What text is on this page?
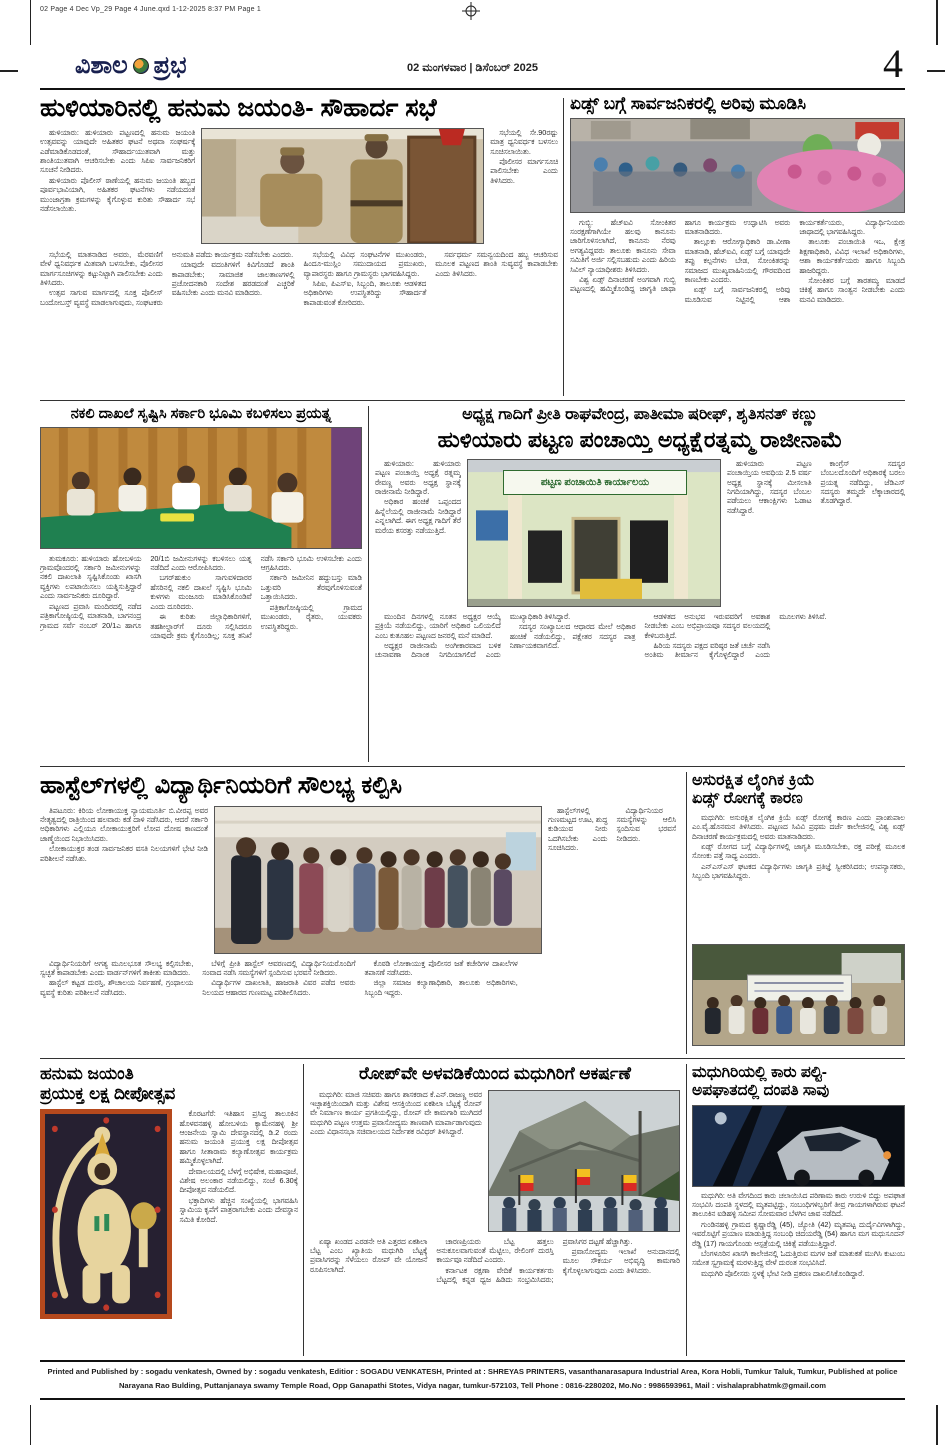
02 Page 4 Dec Vp_29 Page 4 June.qxd 1-12-2025 8:37 PM Page 1
ವಿಶಾಲ ಪ್ರಭ	02 ಮಂಗಳವಾರ | ಡಿಸೆಂಬರ್ 2025	4
ಹುಳಿಯಾರಿನಲ್ಲಿ ಹನುಮ ಜಯಂತಿ- ಸೌಹಾರ್ದ ಸಭೆ

ಹುಳಿಯಾರು: ಹುಳಿಯಾರು ಪಟ್ಟಣದಲ್ಲಿ ಹನುಮ ಜಯಂತಿ ಉತ್ಸವವನ್ನು ಯಾವುದೇ ಅಹಿತಕರ ಘಟನೆ ಅಥವಾ ಸಂಘರ್ಷಕ್ಕೆ ಎಡೆಮಾಡಿಕೊಡದಂತೆ, ಸೌಹಾರ್ದಯುತವಾಗಿ ಮತ್ತು ಶಾಂತಿಯುತವಾಗಿ ಆಚರಿಸಬೇಕು ಎಂದು ಸಿಪಿಐ ಸಾರ್ವಜನಿಕರಿಗೆ ಸೂಚನೆ ನೀಡಿದರು.

ಹುಳಿಯಾರು ಪೊಲೀಸ್ ಠಾಣೆಯಲ್ಲಿ ಹನುಮ ಜಯಂತಿ ಹಬ್ಬದ ಪೂರ್ವಭಾವಿಯಾಗಿ, ಅಹಿತಕರ ಘಟನೆಗಳು ನಡೆಯದಂತೆ ಮುಂಜಾಗ್ರತಾ ಕ್ರಮಗಳನ್ನು ಕೈಗೊಳ್ಳುವ ಕುರಿತು ಸೌಹಾರ್ದ ಸಭೆ ನಡೆಸಲಾಯಿತು.

ಸಭೆಯಲ್ಲಿ ಸೇ.90ರಷ್ಟು ಮಾತ್ರ ಧ್ವನಿವರ್ಧಕ ಬಳಸಲು ಸೂಚಿಸಲಾಯಿತು.

ಪೊಲೀಸರ ಮಾರ್ಗಸೂಚಿ ಪಾಲಿಸಬೇಕು ಎಂದು ತಿಳಿಸಿದರು.

ಸಭೆಯಲ್ಲಿ ಮಾತನಾಡಿದ ಅವರು, ಮೆರವಣಿಗೆ ವೇಳೆ ಧ್ವನಿವರ್ಧಕ ಮಿತವಾಗಿ ಬಳಸಬೇಕು, ಪೊಲೀಸರ ಮಾರ್ಗಸೂಚಿಗಳನ್ನು ಕಟ್ಟುನಿಟ್ಟಾಗಿ ಪಾಲಿಸಬೇಕು ಎಂದು ತಿಳಿಸಿದರು.

ಉತ್ಸವ ಸಾಗುವ ಮಾರ್ಗದಲ್ಲಿ ಸೂಕ್ತ ಪೊಲೀಸ್ ಬಂದೋಬಸ್ತ್ ವ್ಯವಸ್ಥೆ ಮಾಡಲಾಗುವುದು, ಸಂಘಟಕರು ಅನುಮತಿ ಪಡೆದು ಕಾರ್ಯಕ್ರಮ ನಡೆಸಬೇಕು ಎಂದರು.

ಯಾವುದೇ ವದಂತಿಗಳಿಗೆ ಕಿವಿಗೊಡದೆ ಶಾಂತಿ ಕಾಪಾಡಬೇಕು; ಸಾಮಾಜಿಕ ಜಾಲತಾಣಗಳಲ್ಲಿ ಪ್ರಚೋದನಕಾರಿ ಸಂದೇಶ ಹರಡದಂತೆ ಎಚ್ಚರಿಕೆ ವಹಿಸಬೇಕು ಎಂದು ಮನವಿ ಮಾಡಿದರು.

ಸಭೆಯಲ್ಲಿ ವಿವಿಧ ಸಂಘಟನೆಗಳ ಮುಖಂಡರು, ಹಿಂದೂ-ಮುಸ್ಲಿಂ ಸಮುದಾಯದ ಪ್ರಮುಖರು, ವ್ಯಾಪಾರಸ್ಥರು ಹಾಗೂ ಗ್ರಾಮಸ್ಥರು ಭಾಗವಹಿಸಿದ್ದರು.

ಸಿಪಿಐ, ಪಿಎಸ್ಐ, ಸಿಬ್ಬಂದಿ, ತಾಲೂಕು ಆಡಳಿತದ ಅಧಿಕಾರಿಗಳು ಉಪಸ್ಥಿತರಿದ್ದು ಸೌಹಾರ್ದತೆ ಕಾಪಾಡುವಂತೆ ಕೋರಿದರು.

ಸರ್ವಧರ್ಮ ಸಮನ್ವಯದಿಂದ ಹಬ್ಬ ಆಚರಿಸುವ ಮೂಲಕ ಪಟ್ಟಣದ ಶಾಂತಿ ಸುವ್ಯವಸ್ಥೆ ಕಾಪಾಡಬೇಕು ಎಂದು ತಿಳಿಸಿದರು.

ಏಡ್ಸ್ ಬಗ್ಗೆ ಸಾರ್ವಜನಿಕರಲ್ಲಿ ಅರಿವು ಮೂಡಿಸಿ

ಗುಬ್ಬಿ: ಹೆಚ್‌ಐವಿ ಸೋಂಕಿತರ ಸಂರಕ್ಷಣೆಗಾಗಿಯೇ ಹಲವು ಕಾನೂನು ಜಾರಿಗೊಳಿಸಲಾಗಿದೆ, ಕಾನೂನು ನೆರವು ಅಗತ್ಯವಿದ್ದವರು ತಾಲೂಕು ಕಾನೂನು ಸೇವಾ ಸಮಿತಿಗೆ ಅರ್ಜಿ ಸಲ್ಲಿಸಬಹುದು ಎಂದು ಹಿರಿಯ ಸಿವಿಲ್ ನ್ಯಾಯಾಧೀಶರು ತಿಳಿಸಿದರು.

ವಿಶ್ವ ಏಡ್ಸ್ ದಿನಾಚರಣೆ ಅಂಗವಾಗಿ ಗುಬ್ಬಿ ಪಟ್ಟಣದಲ್ಲಿ ಹಮ್ಮಿಕೊಂಡಿದ್ದ ಜಾಗೃತಿ ಜಾಥಾ ಹಾಗೂ ಕಾರ್ಯಕ್ರಮ ಉದ್ಘಾಟಿಸಿ ಅವರು ಮಾತನಾಡಿದರು.

ತಾಲ್ಲೂಕು ಆರೋಗ್ಯಾಧಿಕಾರಿ ಡಾ.ವೀಣಾ ಮಾತನಾಡಿ, ಹೆಚ್‌ಐವಿ, ಏಡ್ಸ್ ಬಗ್ಗೆ ಯಾವುದೇ ತಪ್ಪು ಕಲ್ಪನೆಗಳು ಬೇಡ, ಸೋಂಕಿತರನ್ನು ಸಮಾಜದ ಮುಖ್ಯವಾಹಿನಿಯಲ್ಲಿ ಗೌರವದಿಂದ ಕಾಣಬೇಕು ಎಂದರು.

ಏಡ್ಸ್ ಬಗ್ಗೆ ಸಾರ್ವಜನಿಕರಲ್ಲಿ ಅರಿವು ಮೂಡಿಸುವ ನಿಟ್ಟಿನಲ್ಲಿ ಆಶಾ ಕಾರ್ಯಕರ್ತೆಯರು, ವಿದ್ಯಾರ್ಥಿನಿಯರು ಜಾಥಾದಲ್ಲಿ ಭಾಗವಹಿಸಿದ್ದರು.

ತಾಲೂಕು ಪಂಚಾಯಿತಿ ಇಒ, ಕ್ಷೇತ್ರ ಶಿಕ್ಷಣಾಧಿಕಾರಿ, ವಿವಿಧ ಇಲಾಖೆ ಅಧಿಕಾರಿಗಳು, ಆಶಾ ಕಾರ್ಯಕರ್ತೆಯರು ಹಾಗೂ ಸಿಬ್ಬಂದಿ ಹಾಜರಿದ್ದರು.

ಸೋಂಕಿತರ ಬಗ್ಗೆ ತಾರತಮ್ಯ ಮಾಡದೆ ಚಿಕಿತ್ಸೆ ಹಾಗೂ ಸಾಂತ್ವನ ನೀಡಬೇಕು ಎಂದು ಮನವಿ ಮಾಡಿದರು.

ನಕಲಿ ದಾಖಲೆ ಸೃಷ್ಟಿಸಿ ಸರ್ಕಾರಿ ಭೂಮಿ ಕಬಳಿಸಲು ಪ್ರಯತ್ನ

ತುಮಕೂರು: ಹುಳಿಯಾರು ಹೋಬಳಿಯ ಗ್ರಾಮವೊಂದರಲ್ಲಿ ಸರ್ಕಾರಿ ಜಮೀನುಗಳನ್ನು ನಕಲಿ ದಾಖಲಾತಿ ಸೃಷ್ಟಿಸಿಕೊಂಡು ಖಾಸಗಿ ವ್ಯಕ್ತಿಗಳು ಲಪಟಾಯಿಸಲು ಯತ್ನಿಸುತ್ತಿದ್ದಾರೆ ಎಂದು ಸಾರ್ವಜನಿಕರು ದೂರಿದ್ದಾರೆ.

ಪಟ್ಟಣದ ಪ್ರವಾಸಿ ಮಂದಿರದಲ್ಲಿ ನಡೆದ ಪತ್ರಿಕಾಗೋಷ್ಠಿಯಲ್ಲಿ ಮಾತನಾಡಿ, ಬಾಗನಂದ್ರ ಗ್ರಾಮದ ಸರ್ವೆ ನಂಬರ್ 20/1ಎ ಹಾಗೂ 20/1ಬಿ ಜಮೀನುಗಳನ್ನು ಕಬಳಿಸಲು ಯತ್ನ ನಡೆದಿದೆ ಎಂದು ಆರೋಪಿಸಿದರು.

ಬಗರ್‌ಹುಕುಂ ಸಾಗುವಳಿದಾರರ ಹೆಸರಿನಲ್ಲಿ ನಕಲಿ ದಾಖಲೆ ಸೃಷ್ಟಿಸಿ ಭೂಮಿ ಕುಳಗಳು ಮಂಜೂರು ಮಾಡಿಸಿಕೊಂಡಿವೆ ಎಂದು ದೂರಿದರು.

ಈ ಕುರಿತು ಜಿಲ್ಲಾಧಿಕಾರಿಗಳಿಗೆ, ತಹಶೀಲ್ದಾರ್‌ಗೆ ದೂರು ಸಲ್ಲಿಸಿದರೂ ಯಾವುದೇ ಕ್ರಮ ಕೈಗೊಂಡಿಲ್ಲ; ಸೂಕ್ತ ತನಿಖೆ ನಡೆಸಿ ಸರ್ಕಾರಿ ಭೂಮಿ ಉಳಿಸಬೇಕು ಎಂದು ಆಗ್ರಹಿಸಿದರು.

ಸರ್ಕಾರಿ ಜಮೀನಿನ ಹದ್ದುಬಸ್ತು ಮಾಡಿ ಒತ್ತುವರಿ ತೆರವುಗೊಳಿಸುವಂತೆ ಒತ್ತಾಯಿಸಿದರು.

ಪತ್ರಿಕಾಗೋಷ್ಠಿಯಲ್ಲಿ ಗ್ರಾಮದ ಮುಖಂಡರು, ರೈತರು, ಯುವಕರು ಉಪಸ್ಥಿತರಿದ್ದರು.

ಅಧ್ಯಕ್ಷ ಗಾದಿಗೆ ಪ್ರೀತಿ ರಾಘವೇಂದ್ರ, ಪಾತೀಮಾ ಷರೀಫ್, ಶೃತಿಸನತ್ ಕಣ್ಣು
ಹುಳಿಯಾರು ಪಟ್ಟಣ ಪಂಚಾಯ್ತಿ ಅಧ್ಯಕ್ಷೆರತ್ನಮ್ಮ ರಾಜೀನಾಮೆ

ಹುಳಿಯಾರು: ಹುಳಿಯಾರು ಪಟ್ಟಣ ಪಂಚಾಯ್ತಿ ಅಧ್ಯಕ್ಷೆ ರತ್ನಮ್ಮ ರೇವಣ್ಣ ಅವರು ಅಧ್ಯಕ್ಷ ಸ್ಥಾನಕ್ಕೆ ರಾಜೀನಾಮೆ ನೀಡಿದ್ದಾರೆ.

ಅಧಿಕಾರ ಹಂಚಿಕೆ ಒಪ್ಪಂದದ ಹಿನ್ನೆಲೆಯಲ್ಲಿ ರಾಜೀನಾಮೆ ನೀಡಿದ್ದಾರೆ ಎನ್ನಲಾಗಿದೆ. ಈಗ ಅಧ್ಯಕ್ಷ ಗಾದಿಗೆ ತೆರೆ ಮರೆಯ ಕಸರತ್ತು ನಡೆಯುತ್ತಿದೆ.

ಪಟ್ಟಣ ಪಂಚಾಯಿತಿ ಕಾರ್ಯಾಲಯ

ಹುಳಿಯಾರು ಪಟ್ಟಣ ಪಂಚಾಯ್ತಿಯ ಅವಧಿಯ 2.5 ವರ್ಷ ಅಧ್ಯಕ್ಷ ಸ್ಥಾನಕ್ಕೆ ಮೀಸಲಾತಿ ನಿಗದಿಯಾಗಿದ್ದು, ಸದಸ್ಯರ ಬೆಂಬಲ ಪಡೆಯಲು ಆಕಾಂಕ್ಷಿಗಳು ಓಡಾಟ ನಡೆಸಿದ್ದಾರೆ.

ಕಾಂಗ್ರೆಸ್ ಸದಸ್ಯರ ಬೆಂಬಲದೊಂದಿಗೆ ಅಧಿಕಾರಕ್ಕೆ ಬರಲು ಪ್ರಯತ್ನ ನಡೆದಿದ್ದು, ಜೆಡಿಎಸ್ ಸದಸ್ಯರು ತಮ್ಮದೇ ಲೆಕ್ಕಾಚಾರದಲ್ಲಿ ತೊಡಗಿದ್ದಾರೆ.

ಮುಂದಿನ ದಿನಗಳಲ್ಲಿ ನೂತನ ಅಧ್ಯಕ್ಷರ ಆಯ್ಕೆ ಪ್ರಕ್ರಿಯೆ ನಡೆಯಲಿದ್ದು, ಯಾರಿಗೆ ಅಧಿಕಾರ ಒಲಿಯಲಿದೆ ಎಂಬ ಕುತೂಹಲ ಪಟ್ಟಣದ ಜನರಲ್ಲಿ ಮನೆ ಮಾಡಿದೆ.

ಅಧ್ಯಕ್ಷರ ರಾಜೀನಾಮೆ ಅಂಗೀಕಾರವಾದ ಬಳಿಕ ಚುನಾವಣಾ ದಿನಾಂಕ ನಿಗದಿಯಾಗಲಿದೆ ಎಂದು ಮುಖ್ಯಾಧಿಕಾರಿ ತಿಳಿಸಿದ್ದಾರೆ.

ಸದಸ್ಯರ ಸಂಖ್ಯಾಬಲದ ಆಧಾರದ ಮೇಲೆ ಅಧಿಕಾರ ಹಂಚಿಕೆ ನಡೆಯಲಿದ್ದು, ಪಕ್ಷೇತರ ಸದಸ್ಯರ ಪಾತ್ರ ನಿರ್ಣಾಯಕವಾಗಲಿದೆ.

ಆಡಳಿತದ ಅನುಭವ ಇರುವವರಿಗೆ ಅವಕಾಶ ನೀಡಬೇಕು ಎಂಬ ಅಭಿಪ್ರಾಯವೂ ಸದಸ್ಯರ ವಲಯದಲ್ಲಿ ಕೇಳಿಬರುತ್ತಿದೆ.

ಹಿರಿಯ ಸದಸ್ಯರು ಪಕ್ಷದ ವರಿಷ್ಠರ ಜತೆ ಚರ್ಚೆ ನಡೆಸಿ ಅಂತಿಮ ತೀರ್ಮಾನ ಕೈಗೊಳ್ಳಲಿದ್ದಾರೆ ಎಂದು ಮೂಲಗಳು ತಿಳಿಸಿವೆ.

ಹಾಸ್ಟೆಲ್‌ಗಳಲ್ಲಿ ವಿದ್ಯಾರ್ಥಿನಿಯರಿಗೆ ಸೌಲಭ್ಯ ಕಲ್ಪಿಸಿ

ತಿಪಟೂರು: ಕಿರಿಯ ಲೋಕಾಯುಕ್ತ ನ್ಯಾಯಮೂರ್ತಿ ಬಿ.ವೀರಪ್ಪ ಅವರ ನೇತೃತ್ವದಲ್ಲಿ ರಾತ್ರಿಯಿಂದ ಹಲವಾರು ಕಡೆ ದಾಳಿ ನಡೆಸಿದರು, ಆದರೆ ಸರ್ಕಾರಿ ಅಧಿಕಾರಿಗಳು ಎಲ್ಲಿಯೂ ಲೋಕಾಯುಕ್ತರಿಗೆ ಲೋಪ ದೋಷ ಕಾಣದಂತೆ ಜಾಣ್ಮೆಯಿಂದ ನಿಭಾಯಿಸಿದರು.

ಲೋಕಾಯುಕ್ತರ ತಂಡ ಸಾರ್ವಜನಿಕರ ವಸತಿ ನಿಲಯಗಳಿಗೆ ಭೇಟಿ ನೀಡಿ ಪರಿಶೀಲನೆ ನಡೆಸಿತು.

ಹಾಸ್ಟೆಲ್‌ಗಳಲ್ಲಿ ಗುಣಮಟ್ಟದ ಊಟ, ಶುದ್ಧ ಕುಡಿಯುವ ನೀರು ಒದಗಿಸಬೇಕು ಎಂದು ಸೂಚಿಸಿದರು.

ವಿದ್ಯಾರ್ಥಿನಿಯರ ಸಮಸ್ಯೆಗಳನ್ನು ಆಲಿಸಿ ಸ್ಪಂದಿಸುವ ಭರವಸೆ ನೀಡಿದರು.

ವಿದ್ಯಾರ್ಥಿನಿಯರಿಗೆ ಅಗತ್ಯ ಮೂಲಭೂತ ಸೌಲಭ್ಯ ಕಲ್ಪಿಸಬೇಕು, ಸ್ವಚ್ಛತೆ ಕಾಪಾಡಬೇಕು ಎಂದು ವಾರ್ಡನ್‌ಗಳಿಗೆ ತಾಕೀತು ಮಾಡಿದರು.

ಹಾಸ್ಟೆಲ್ ಕಟ್ಟಡ ದುರಸ್ತಿ, ಶೌಚಾಲಯ ನಿರ್ವಹಣೆ, ಗ್ರಂಥಾಲಯ ವ್ಯವಸ್ಥೆ ಕುರಿತು ಪರಿಶೀಲನೆ ನಡೆಸಿದರು.

ಬೆಳಿಗ್ಗೆ ಪ್ರೀತಿ ಹಾಸ್ಟೆಲ್ ಆವರಣದಲ್ಲಿ ವಿದ್ಯಾರ್ಥಿನಿಯರೊಂದಿಗೆ ಸಂವಾದ ನಡೆಸಿ ಸಮಸ್ಯೆಗಳಿಗೆ ಸ್ಪಂದಿಸುವ ಭರವಸೆ ನೀಡಿದರು.

ವಿದ್ಯಾರ್ಥಿಗಳ ದಾಖಲಾತಿ, ಹಾಜರಾತಿ ವಿವರ ಪಡೆದ ಅವರು ನಿಲಯದ ಆಹಾರದ ಗುಣಮಟ್ಟ ಪರಿಶೀಲಿಸಿದರು.

ಕೊಠಡಿ ಲೋಕಾಯುಕ್ತ ಪೊಲೀಸರ ಜತೆ ಕಚೇರಿಗಳ ದಾಖಲೆಗಳ ತಪಾಸಣೆ ನಡೆಸಿದರು.

ಜಿಲ್ಲಾ ಸಮಾಜ ಕಲ್ಯಾಣಾಧಿಕಾರಿ, ತಾಲೂಕು ಅಧಿಕಾರಿಗಳು, ಸಿಬ್ಬಂದಿ ಇದ್ದರು.

ಅಸುರಕ್ಷಿತ ಲೈಂಗಿಕ ಕ್ರಿಯೆ
ಏಡ್ಸ್ ರೋಗಕ್ಕೆ ಕಾರಣ

ಮಧುಗಿರಿ: ಅಸುರಕ್ಷಿತ ಲೈಂಗಿಕ ಕ್ರಿಯೆ ಏಡ್ಸ್ ರೋಗಕ್ಕೆ ಕಾರಣ ಎಂದು ಪ್ರಾಂಶುಪಾಲ ಎಂ.ವೈ.ಹೊನಮನ ತಿಳಿಸಿದರು. ಪಟ್ಟಣದ ಸಿವಿವಿ ಪ್ರಥಮ ದರ್ಜೆ ಕಾಲೇಜಿನಲ್ಲಿ ವಿಶ್ವ ಏಡ್ಸ್ ದಿನಾಚರಣೆ ಕಾರ್ಯಕ್ರಮದಲ್ಲಿ ಅವರು ಮಾತನಾಡಿದರು.

ಏಡ್ಸ್ ರೋಗದ ಬಗ್ಗೆ ವಿದ್ಯಾರ್ಥಿಗಳಲ್ಲಿ ಜಾಗೃತಿ ಮೂಡಿಸಬೇಕು, ರಕ್ತ ಪರೀಕ್ಷೆ ಮೂಲಕ ಸೋಂಕು ಪತ್ತೆ ಸಾಧ್ಯ ಎಂದರು.

ಎನ್‌ಎಸ್‌ಎಸ್ ಘಟಕದ ವಿದ್ಯಾರ್ಥಿಗಳು ಜಾಗೃತಿ ಪ್ರತಿಜ್ಞೆ ಸ್ವೀಕರಿಸಿದರು; ಉಪನ್ಯಾಸಕರು, ಸಿಬ್ಬಂದಿ ಭಾಗವಹಿಸಿದ್ದರು.

ಹನುಮ ಜಯಂತಿ
ಪ್ರಯುಕ್ತ ಲಕ್ಷ ದೀಪೋತ್ಸವ

ಕೊರಟಗೆರೆ: ಇತಿಹಾಸ ಪ್ರಸಿದ್ಧ ತಾಲೂಕಿನ ಹೊಳವನಹಳ್ಳಿ ಹೋಬಳಿಯ ಕ್ಯಾಮೇನಹಳ್ಳಿ ಶ್ರೀ ಆಂಜನೇಯ ಸ್ವಾಮಿ ದೇವಸ್ಥಾನದಲ್ಲಿ ಡಿ.2 ರಂದು ಹನುಮ ಜಯಂತಿ ಪ್ರಯುಕ್ತ ಲಕ್ಷ ದೀಪೋತ್ಸವ ಹಾಗೂ ಸೀತಾರಾಮ ಕಲ್ಯಾಣೋತ್ಸವ ಕಾರ್ಯಕ್ರಮ ಹಮ್ಮಿಕೊಳ್ಳಲಾಗಿದೆ.

ದೇವಾಲಯದಲ್ಲಿ ಬೆಳಗ್ಗೆ ಅಭಿಷೇಕ, ಮಹಾಪೂಜೆ, ವಿಶೇಷ ಅಲಂಕಾರ ನಡೆಯಲಿದ್ದು, ಸಂಜೆ 6.30ಕ್ಕೆ ದೀಪೋತ್ಸವ ನಡೆಯಲಿದೆ.

ಭಕ್ತಾದಿಗಳು ಹೆಚ್ಚಿನ ಸಂಖ್ಯೆಯಲ್ಲಿ ಭಾಗವಹಿಸಿ ಸ್ವಾಮಿಯ ಕೃಪೆಗೆ ಪಾತ್ರರಾಗಬೇಕು ಎಂದು ದೇವಸ್ಥಾನ ಸಮಿತಿ ಕೋರಿದೆ.

ರೋಪ್‌ವೇ ಅಳವಡಿಕೆಯಿಂದ ಮಧುಗಿರಿಗೆ ಆಕರ್ಷಣೆ

ಮಧುಗಿರಿ: ಮಾಜಿ ಸಚಿವರು ಹಾಗೂ ಶಾಸಕರಾದ ಕೆ.ಎನ್.ರಾಜಣ್ಣ ಅವರ ಇಚ್ಛಾಶಕ್ತಿಯಿಂದಾಗಿ ಮತ್ತು ವಿಶೇಷ ಆಸಕ್ತಿಯಿಂದ ಏಕಶಿಲಾ ಬೆಟ್ಟಕ್ಕೆ ರೋಪ್ ವೇ ನಿರ್ಮಾಣ ಕಾರ್ಯ ಪ್ರಗತಿಯಲ್ಲಿದ್ದು, ರೋಪ್ ವೇ ಕಾಮಗಾರಿ ಮುಗಿದರೆ ಮಧುಗಿರಿ ಪಟ್ಟಣ ಉತ್ತಮ ಪ್ರವಾಸೋದ್ಯಮ ತಾಣವಾಗಿ ಮಾರ್ಪಾಡಾಗುವುದು ಎಂದು ವಿಧಾನಸಭಾ ಸಚಿವಾಲಯದ ನಿರ್ದೇಶಕ ರವಿಧರ್ ತಿಳಿಸಿದ್ದಾರೆ.

ಏಷ್ಯಾ ಖಂಡದ ಎರಡನೇ ಅತಿ ಎತ್ತರದ ಏಕಶಿಲಾ ಬೆಟ್ಟ ಎಂಬ ಖ್ಯಾತಿಯ ಮಧುಗಿರಿ ಬೆಟ್ಟಕ್ಕೆ ಪ್ರವಾಸಿಗರನ್ನು ಸೆಳೆಯಲು ರೋಪ್ ವೇ ಯೋಜನೆ ರೂಪಿಸಲಾಗಿದೆ.

ಚಾರಣಪ್ರಿಯರು ಬೆಟ್ಟ ಹತ್ತಲು ಅನುಕೂಲವಾಗುವಂತೆ ಮೆಟ್ಟಿಲು, ರೇಲಿಂಗ್ ದುರಸ್ತಿ ಕಾರ್ಯವೂ ನಡೆದಿದೆ ಎಂದರು.

ಕರ್ನಾಟಕ ರಕ್ಷಣಾ ವೇದಿಕೆ ಕಾರ್ಯಕರ್ತರು ಬೆಟ್ಟದಲ್ಲಿ ಕನ್ನಡ ಧ್ವಜ ಹಿಡಿದು ಸಂಭ್ರಮಿಸಿದರು; ಪ್ರವಾಸಿಗರ ದಟ್ಟಣೆ ಹೆಚ್ಚಾಗಿತ್ತು.

ಪ್ರವಾಸೋದ್ಯಮ ಇಲಾಖೆ ಅನುದಾನದಲ್ಲಿ ಮೂಲ ಸೌಕರ್ಯ ಅಭಿವೃದ್ಧಿ ಕಾಮಗಾರಿ ಕೈಗೊಳ್ಳಲಾಗುವುದು ಎಂದು ತಿಳಿಸಿದರು.

ಮಧುಗಿರಿಯಲ್ಲಿ ಕಾರು ಪಲ್ಟಿ-
ಅಪಘಾತದಲ್ಲಿ ದಂಪತಿ ಸಾವು

ಮಧುಗಿರಿ: ಅತಿ ವೇಗದಿಂದ ಕಾರು ಚಲಾಯಿಸಿದ ಪರಿಣಾಮ ಕಾರು ಉರುಳಿ ಬಿದ್ದು ಅಪಘಾತ ಸಂಭವಿಸಿ ದಂಪತಿ ಸ್ಥಳದಲ್ಲಿ ಮೃತಪಟ್ಟಿದ್ದು, ಸಂಬಂಧಿಗಳಿಬ್ಬರಿಗೆ ತೀವ್ರ ಗಾಯಗಳಾಗಿರುವ ಘಟನೆ ತಾಲೂಕಿನ ಐಡಿಹಳ್ಳಿ ಸಮೀಪ ಸೋಮವಾರ ಬೆಳಗಿನ ಜಾವ ನಡೆದಿದೆ.

ಗುಂಡಿನಹಳ್ಳಿ ಗ್ರಾಮದ ಕೃಷ್ಣಾರೆಡ್ಡಿ (45), ಜ್ಯೋತಿ (42) ಮೃತಪಟ್ಟ ದುರ್ದೈವಿಗಳಾಗಿದ್ದು, ಇವರೊಟ್ಟಿಗೆ ಪ್ರಯಾಣ ಮಾಡುತ್ತಿದ್ದ ಸಂಬಂಧಿ ಚಿದಯರೆಡ್ಡಿ (54) ಹಾಗೂ ಮಗ ಮಧುಸೂದನ್ ರೆಡ್ಡಿ (17) ಗಾಯಗೊಂಡು ಆಸ್ಪತ್ರೆಯಲ್ಲಿ ಚಿಕಿತ್ಸೆ ಪಡೆಯುತ್ತಿದ್ದಾರೆ.

ಬೆಂಗಳೂರಿನ ಖಾಸಗಿ ಕಾಲೇಜಿನಲ್ಲಿ ಓದುತ್ತಿರುವ ಮಗಳ ಜತೆ ಮಾತುಕತೆ ಮುಗಿಸಿ ಕುಟುಂಬ ಸಮೇತ ಸ್ವಗ್ರಾಮಕ್ಕೆ ಮರಳುತ್ತಿದ್ದ ವೇಳೆ ದುರಂತ ಸಂಭವಿಸಿದೆ.

ಮಧುಗಿರಿ ಪೊಲೀಸರು ಸ್ಥಳಕ್ಕೆ ಭೇಟಿ ನೀಡಿ ಪ್ರಕರಣ ದಾಖಲಿಸಿಕೊಂಡಿದ್ದಾರೆ.

Printed and Published by : sogadu venkatesh, Owned by : sogadu venkatesh, Editior : SOGADU VENKATESH, Printed at : SHREYAS PRINTERS, vasanthanarasapura Industrial Area, Kora Hobli, Tumkur Taluk, Tumkur, Published at police
Narayana Rao Bulding, Puttanjanaya swamy Temple Road, Opp Ganapathi Stotes, Vidya nagar, tumkur-572103, Tell Phone : 0816-2280202, Mo.No : 9986593961, Mail : vishalaprabhatmk@gmail.com
